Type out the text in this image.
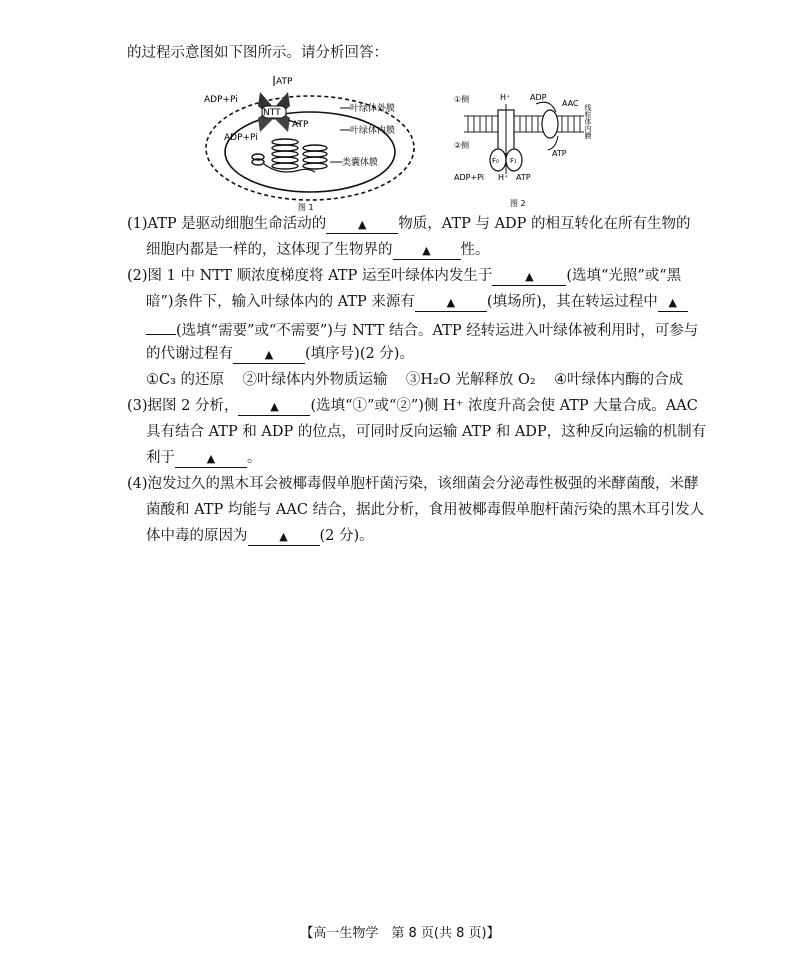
的过程示意图如下图所示。请分析回答：
ATP
ADP+Pi
NTT
ATP
ADP+Pi
叶绿体外膜
叶绿体内膜
类囊体膜
图 1
①侧
②侧
H⁺ ADP
AAC
ATP
F₀ F₁
ADP+Pi H⁺ ATP
线粒体内膜
图 2
(1)ATP 是驱动细胞生命活动的	▲ 物质，ATP 与 ADP 的相互转化在所有生物的
细胞内都是一样的，这体现了生物界的	▲ 性。
(2)图 1 中 NTT 顺浓度梯度将 ATP 运至叶绿体内发生于	▲ (选填“光照”或“黑
暗”)条件下，输入叶绿体内的 ATP 来源有	▲ (填场所)，其在转运过程中 ▲
(选填“需要”或“不需要”)与 NTT 结合。ATP 经转运进入叶绿体被利用时，可参与
的代谢过程有	▲ (填序号)(2 分)。
①C₃ 的还原 ②叶绿体内外物质运输 ③H₂O 光解释放 O₂ ④叶绿体内酶的合成
(3)据图 2 分析，	▲ (选填“①”或“②”)侧 H⁺ 浓度升高会使 ATP 大量合成。AAC
具有结合 ATP 和 ADP 的位点，可同时反向运输 ATP 和 ADP，这种反向运输的机制有
利于	▲ 。
(4)泡发过久的黑木耳会被椰毒假单胞杆菌污染，该细菌会分泌毒性极强的米酵菌酸，米酵
菌酸和 ATP 均能与 AAC 结合，据此分析，食用被椰毒假单胞杆菌污染的黑木耳引发人
体中毒的原因为	▲ (2 分)。
【高一生物学　第 8 页(共 8 页)】
